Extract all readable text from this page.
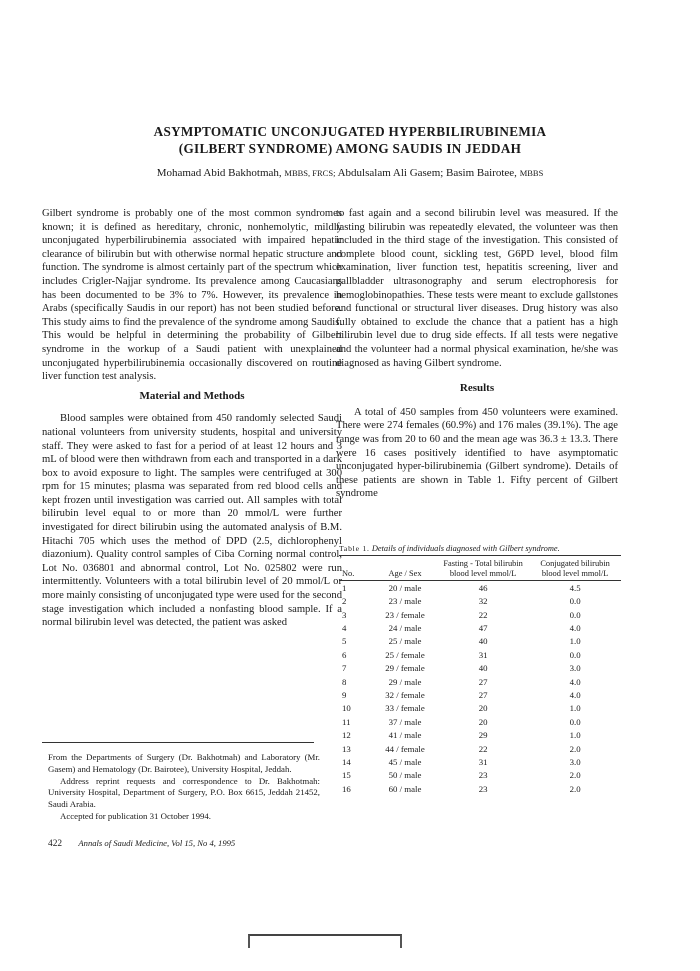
ASYMPTOMATIC UNCONJUGATED HYPERBILIRUBINEMIA
(GILBERT SYNDROME) AMONG SAUDIS IN JEDDAH
Mohamad Abid Bakhotmah, MBBS, FRCS; Abdulsalam Ali Gasem; Basim Bairotee, MBBS

Gilbert syndrome is probably one of the most common syndromes known; it is defined as hereditary, chronic, nonhemolytic, mildly unconjugated hyperbilirubinemia associated with impaired hepatic clearance of bilirubin but with otherwise normal hepatic structure and function. The syndrome is almost certainly part of the spectrum which includes Crigler-Najjar syndrome. Its prevalence among Caucasians has been documented to be 3% to 7%. However, its prevalence in Arabs (specifically Saudis in our report) has not been studied before. This study aims to find the prevalence of the syndrome among Saudis. This would be helpful in determining the probability of Gilbert syndrome in the workup of a Saudi patient with unexplained unconjugated hyperbilirubinemia occasionally discovered on routine liver function test analysis.

Material and Methods

Blood samples were obtained from 450 randomly selected Saudi national volunteers from university students, hospital and university staff. They were asked to fast for a period of at least 12 hours and 3 mL of blood were then withdrawn from each and transported in a dark box to avoid exposure to light. The samples were centrifuged at 300 rpm for 15 minutes; plasma was separated from red blood cells and kept frozen until investigation was carried out. All samples with total bilirubin level equal to or more than 20 mmol/L were further investigated for direct bilirubin using the automated analysis of B.M. Hitachi 705 which uses the method of DPD (2.5, dichlorophenyl diazonium). Quality control samples of Ciba Corning normal control, Lot No. 036801 and abnormal control, Lot No. 025802 were run intermittently. Volunteers with a total bilirubin level of 20 mmol/L or more mainly consisting of unconjugated type were used for the second stage investigation which included a nonfasting blood sample. If a normal bilirubin level was detected, the patient was asked

From the Departments of Surgery (Dr. Bakhotmah) and Laboratory (Mr. Gasem) and Hematology (Dr. Bairotee), University Hospital, Jeddah.

Address reprint requests and correspondence to Dr. Bakhotmah: University Hospital, Department of Surgery, P.O. Box 6615, Jeddah 21452, Saudi Arabia.

Accepted for publication 31 October 1994.

422 Annals of Saudi Medicine, Vol 15, No 4, 1995

to fast again and a second bilirubin level was measured. If the fasting bilirubin was repeatedly elevated, the volunteer was then included in the third stage of the investigation. This consisted of complete blood count, sickling test, G6PD level, blood film examination, liver function test, hepatitis screening, liver and gallbladder ultrasonography and serum electrophoresis for hemoglobinopathies. These tests were meant to exclude gallstones and functional or structural liver diseases. Drug history was also fully obtained to exclude the chance that a patient has a high bilirubin level due to drug side effects. If all tests were negative and the volunteer had a normal physical examination, he/she was diagnosed as having Gilbert syndrome.

Results

A total of 450 samples from 450 volunteers were examined. There were 274 females (60.9%) and 176 males (39.1%). The age range was from 20 to 60 and the mean age was 36.3 ± 13.3. There were 16 cases positively identified to have asymptomatic unconjugated hyper-bilirubinemia (Gilbert syndrome). Details of these patients are shown in Table 1. Fifty percent of Gilbert syndrome

Table 1. Details of individuals diagnosed with Gilbert syndrome.
No.	Age / Sex	Fasting - Total bilirubin blood level mmol/L	Conjugated bilirubin blood level mmol/L
1	20 / male	46	4.5
2	23 / male	32	0.0
3	23 / female	22	0.0
4	24 / male	47	4.0
5	25 / male	40	1.0
6	25 / female	31	0.0
7	29 / female	40	3.0
8	29 / male	27	4.0
9	32 / female	27	4.0
10	33 / female	20	1.0
11	37 / male	20	0.0
12	41 / male	29	1.0
13	44 / female	22	2.0
14	45 / male	31	3.0
15	50 / male	23	2.0
16	60 / male	23	2.0
